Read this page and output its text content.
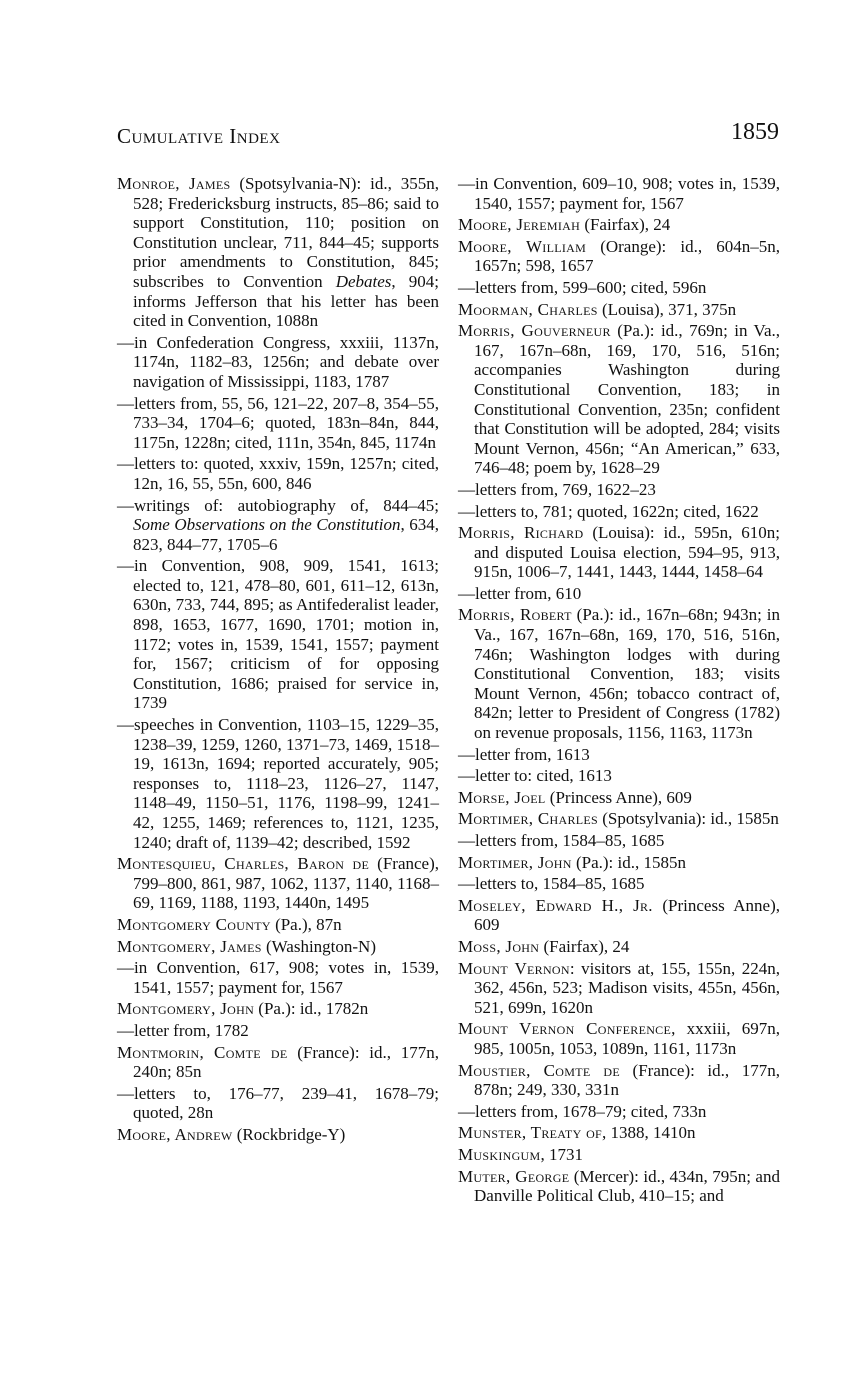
Cumulative Index	1859
Monroe, James (Spotsylvania-N): id., 355n, 528; Fredericksburg instructs, 85–86; said to support Constitution, 110; position on Constitution unclear, 711, 844–45; supports prior amendments to Constitution, 845; subscribes to Convention Debates, 904; informs Jefferson that his letter has been cited in Convention, 1088n
—in Confederation Congress, xxxiii, 1137n, 1174n, 1182–83, 1256n; and debate over navigation of Mississippi, 1183, 1787
—letters from, 55, 56, 121–22, 207–8, 354–55, 733–34, 1704–6; quoted, 183n–84n, 844, 1175n, 1228n; cited, 111n, 354n, 845, 1174n
—letters to: quoted, xxxiv, 159n, 1257n; cited, 12n, 16, 55, 55n, 600, 846
—writings of: autobiography of, 844–45; Some Observations on the Constitution, 634, 823, 844–77, 1705–6
—in Convention, 908, 909, 1541, 1613; elected to, 121, 478–80, 601, 611–12, 613n, 630n, 733, 744, 895; as Antifederalist leader, 898, 1653, 1677, 1690, 1701; motion in, 1172; votes in, 1539, 1541, 1557; payment for, 1567; criticism of for opposing Constitution, 1686; praised for service in, 1739
—speeches in Convention, 1103–15, 1229–35, 1238–39, 1259, 1260, 1371–73, 1469, 1518–19, 1613n, 1694; reported accurately, 905; responses to, 1118–23, 1126–27, 1147, 1148–49, 1150–51, 1176, 1198–99, 1241–42, 1255, 1469; references to, 1121, 1235, 1240; draft of, 1139–42; described, 1592
Montesquieu, Charles, Baron de (France), 799–800, 861, 987, 1062, 1137, 1140, 1168–69, 1169, 1188, 1193, 1440n, 1495
Montgomery County (Pa.), 87n
Montgomery, James (Washington-N)
—in Convention, 617, 908; votes in, 1539, 1541, 1557; payment for, 1567
Montgomery, John (Pa.): id., 1782n
—letter from, 1782
Montmorin, Comte de (France): id., 177n, 240n; 85n
—letters to, 176–77, 239–41, 1678–79; quoted, 28n
Moore, Andrew (Rockbridge-Y)
—in Convention, 609–10, 908; votes in, 1539, 1540, 1557; payment for, 1567
Moore, Jeremiah (Fairfax), 24
Moore, William (Orange): id., 604n–5n, 1657n; 598, 1657
—letters from, 599–600; cited, 596n
Moorman, Charles (Louisa), 371, 375n
Morris, Gouverneur (Pa.): id., 769n; in Va., 167, 167n–68n, 169, 170, 516, 516n; accompanies Washington during Constitutional Convention, 183; in Constitutional Convention, 235n; confident that Constitution will be adopted, 284; visits Mount Vernon, 456n; “An American,” 633, 746–48; poem by, 1628–29
—letters from, 769, 1622–23
—letters to, 781; quoted, 1622n; cited, 1622
Morris, Richard (Louisa): id., 595n, 610n; and disputed Louisa election, 594–95, 913, 915n, 1006–7, 1441, 1443, 1444, 1458–64
—letter from, 610
Morris, Robert (Pa.): id., 167n–68n; 943n; in Va., 167, 167n–68n, 169, 170, 516, 516n, 746n; Washington lodges with during Constitutional Convention, 183; visits Mount Vernon, 456n; tobacco contract of, 842n; letter to President of Congress (1782) on revenue proposals, 1156, 1163, 1173n
—letter from, 1613
—letter to: cited, 1613
Morse, Joel (Princess Anne), 609
Mortimer, Charles (Spotsylvania): id., 1585n
—letters from, 1584–85, 1685
Mortimer, John (Pa.): id., 1585n
—letters to, 1584–85, 1685
Moseley, Edward H., Jr. (Princess Anne), 609
Moss, John (Fairfax), 24
Mount Vernon: visitors at, 155, 155n, 224n, 362, 456n, 523; Madison visits, 455n, 456n, 521, 699n, 1620n
Mount Vernon Conference, xxxiii, 697n, 985, 1005n, 1053, 1089n, 1161, 1173n
Moustier, Comte de (France): id., 177n, 878n; 249, 330, 331n
—letters from, 1678–79; cited, 733n
Munster, Treaty of, 1388, 1410n
Muskingum, 1731
Muter, George (Mercer): id., 434n, 795n; and Danville Political Club, 410–15; and
